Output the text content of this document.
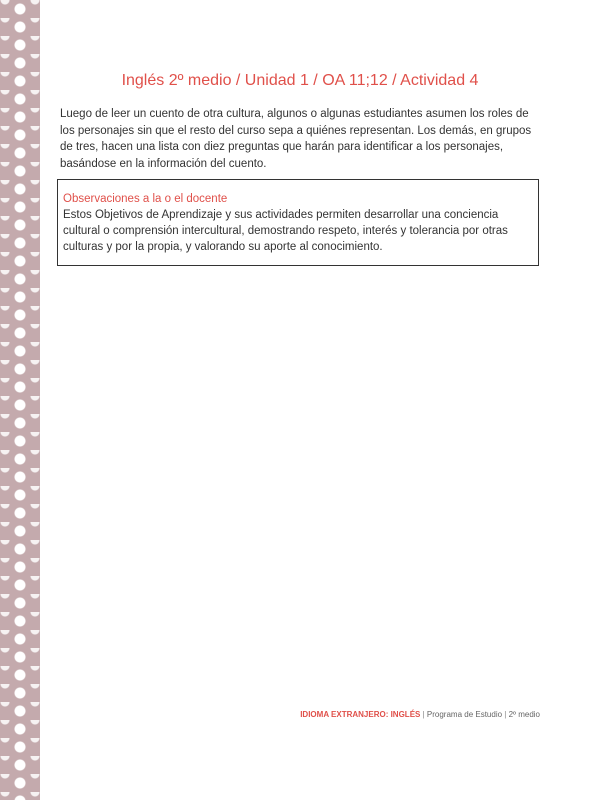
Inglés 2º medio / Unidad 1 / OA 11;12 / Actividad 4

Luego de leer un cuento de otra cultura, algunos o algunas estudiantes asumen los roles de los personajes sin que el resto del curso sepa a quiénes representan. Los demás, en grupos de tres, hacen una lista con diez preguntas que harán para identificar a los personajes, basándose en la información del cuento.

Observaciones a la o el docente
Estos Objetivos de Aprendizaje y sus actividades permiten desarrollar una conciencia cultural o comprensión intercultural, demostrando respeto, interés y tolerancia por otras culturas y por la propia, y valorando su aporte al conocimiento.
IDIOMA EXTRANJERO: INGLÉS | Programa de Estudio | 2º medio
